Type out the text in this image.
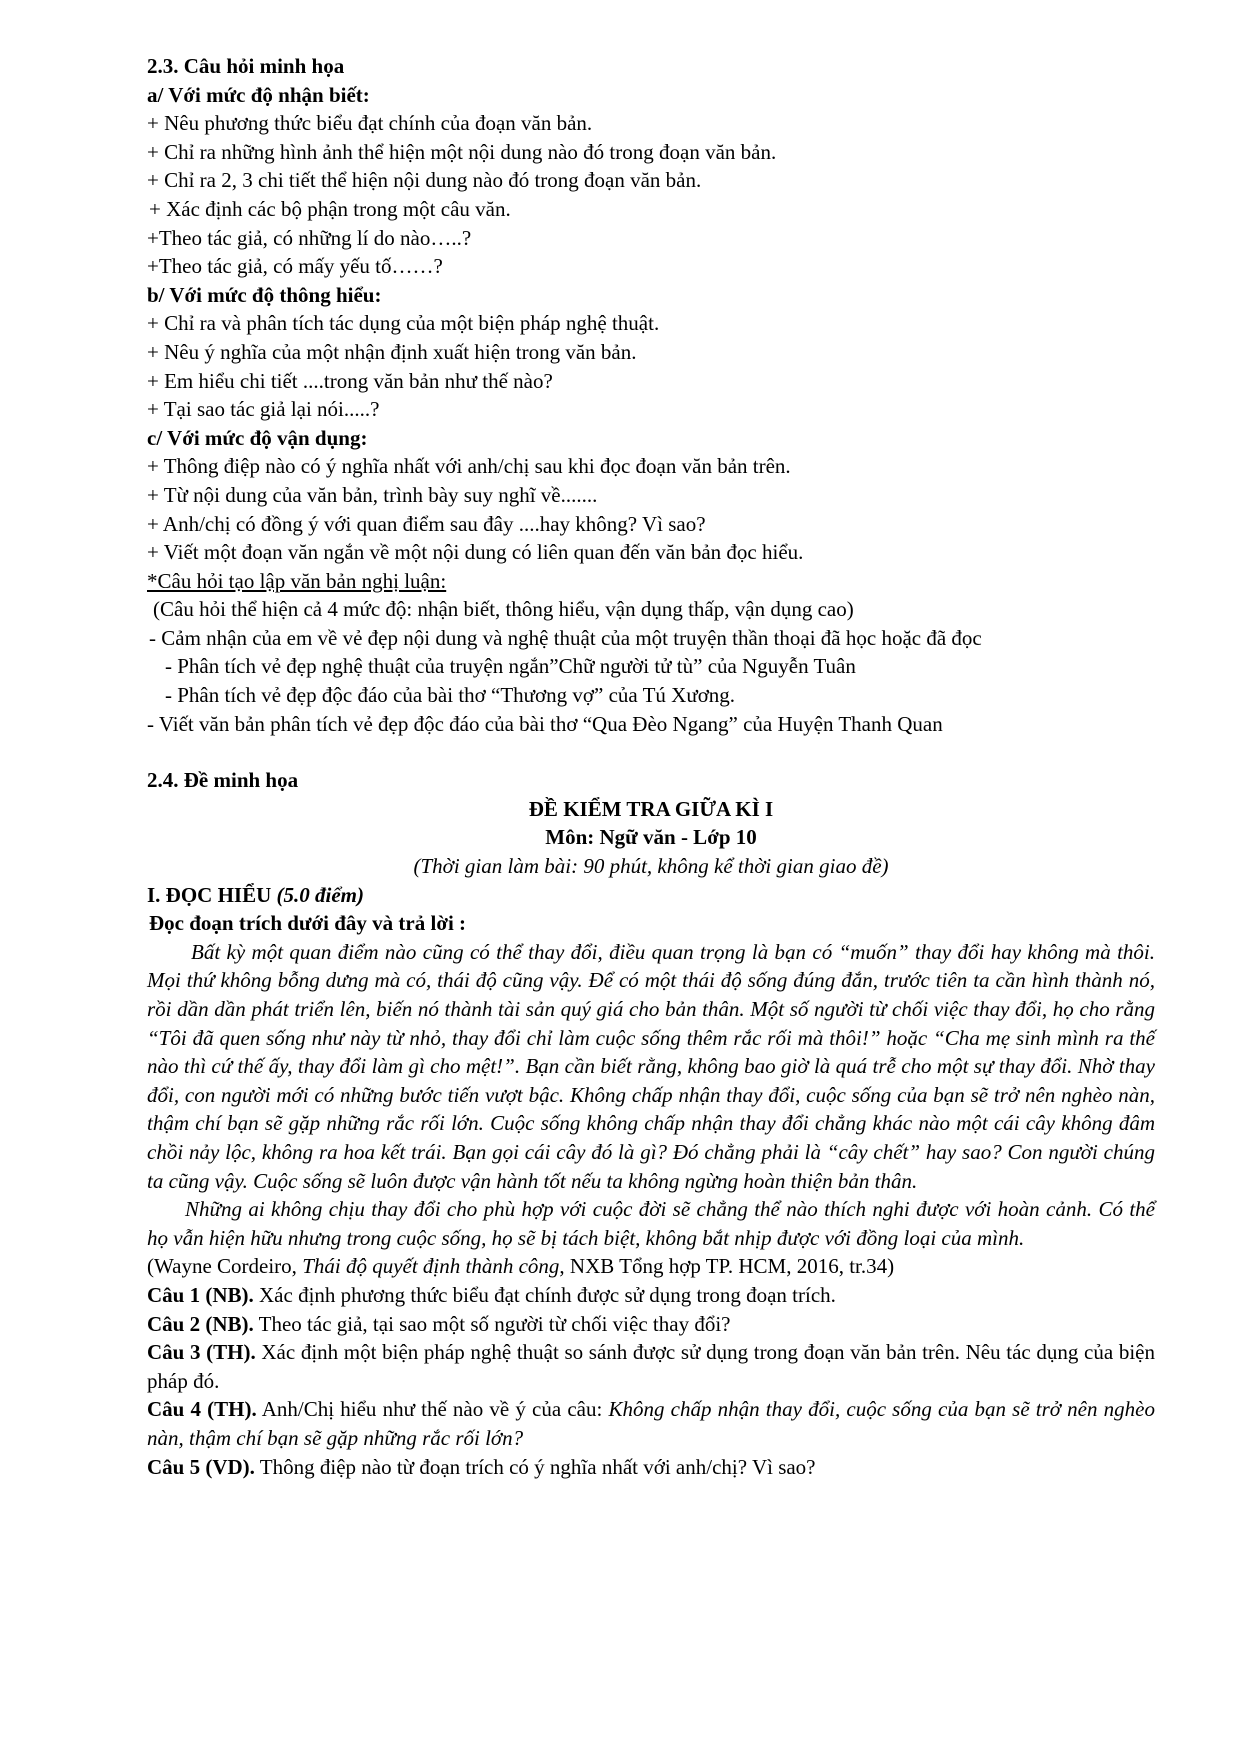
2.3. Câu hỏi minh họa
a/ Với mức độ nhận biết:
+ Nêu phương thức biểu đạt chính của đoạn văn bản.
+ Chỉ ra những hình ảnh thể hiện một nội dung nào đó trong đoạn văn bản.
+ Chỉ ra 2, 3 chi tiết thể hiện nội dung nào đó trong đoạn văn bản.
+ Xác định các bộ phận trong một câu văn.
+Theo tác giả, có những lí do nào…..?
+Theo tác giả, có mấy yếu tố……?
b/ Với mức độ thông hiểu:
+ Chỉ ra và phân tích tác dụng của một biện pháp nghệ thuật.
+ Nêu ý nghĩa của một nhận định xuất hiện trong văn bản.
+ Em hiểu chi tiết ....trong văn bản như thế nào?
+ Tại sao tác giả lại nói.....?
c/ Với mức độ vận dụng:
+ Thông điệp nào có ý nghĩa nhất với anh/chị sau khi đọc đoạn văn bản trên.
+ Từ nội dung của văn bản, trình bày suy nghĩ về.......
+ Anh/chị có đồng ý với quan điểm sau đây ....hay không? Vì sao?
+ Viết một đoạn văn ngắn về một nội dung có liên quan đến văn bản đọc hiểu.
*Câu hỏi tạo lập văn bản nghị luận:
(Câu hỏi thể hiện cả 4 mức độ: nhận biết, thông hiểu, vận dụng thấp, vận dụng cao)
- Cảm nhận của em về vẻ đẹp nội dung và nghệ thuật của một truyện thần thoại đã học hoặc đã đọc
- Phân tích vẻ đẹp nghệ thuật của truyện ngắn”Chữ người tử tù” của Nguyễn Tuân
- Phân tích vẻ đẹp độc đáo của bài thơ “Thương vợ” của Tú Xương.
- Viết văn bản phân tích vẻ đẹp độc đáo của bài thơ “Qua Đèo Ngang” của Huyện Thanh Quan
2.4. Đề minh họa
ĐỀ KIỂM TRA GIỮA KÌ I
Môn: Ngữ văn - Lớp 10
(Thời gian làm bài: 90 phút, không kể thời gian giao đề)
I. ĐỌC HIỂU (5.0 điểm)
Đọc đoạn trích dưới đây và trả lời :

Bất kỳ một quan điểm nào cũng có thể thay đổi, điều quan trọng là bạn có “muốn” thay đổi hay không mà thôi. Mọi thứ không bỗng dưng mà có, thái độ cũng vậy. Để có một thái độ sống đúng đắn, trước tiên ta cần hình thành nó, rồi dần dần phát triển lên, biến nó thành tài sản quý giá cho bản thân. Một số người từ chối việc thay đổi, họ cho rằng “Tôi đã quen sống như này từ nhỏ, thay đổi chỉ làm cuộc sống thêm rắc rối mà thôi!” hoặc “Cha mẹ sinh mình ra thế nào thì cứ thế ấy, thay đổi làm gì cho mệt!”. Bạn cần biết rằng, không bao giờ là quá trễ cho một sự thay đổi. Nhờ thay đổi, con người mới có những bước tiến vượt bậc. Không chấp nhận thay đổi, cuộc sống của bạn sẽ trở nên nghèo nàn, thậm chí bạn sẽ gặp những rắc rối lớn. Cuộc sống không chấp nhận thay đổi chẳng khác nào một cái cây không đâm chồi nảy lộc, không ra hoa kết trái. Bạn gọi cái cây đó là gì? Đó chẳng phải là “cây chết” hay sao? Con người chúng ta cũng vậy. Cuộc sống sẽ luôn được vận hành tốt nếu ta không ngừng hoàn thiện bản thân.

Những ai không chịu thay đổi cho phù hợp với cuộc đời sẽ chẳng thể nào thích nghi được với hoàn cảnh. Có thể họ vẫn hiện hữu nhưng trong cuộc sống, họ sẽ bị tách biệt, không bắt nhịp được với đồng loại của mình.

(Wayne Cordeiro, Thái độ quyết định thành công, NXB Tổng hợp TP. HCM, 2016, tr.34)

Câu 1 (NB). Xác định phương thức biểu đạt chính được sử dụng trong đoạn trích.

Câu 2 (NB). Theo tác giả, tại sao một số người từ chối việc thay đổi?

Câu 3 (TH). Xác định một biện pháp nghệ thuật so sánh được sử dụng trong đoạn văn bản trên. Nêu tác dụng của biện pháp đó.

Câu 4 (TH). Anh/Chị hiểu như thế nào về ý của câu: Không chấp nhận thay đổi, cuộc sống của bạn sẽ trở nên nghèo nàn, thậm chí bạn sẽ gặp những rắc rối lớn?

Câu 5 (VD). Thông điệp nào từ đoạn trích có ý nghĩa nhất với anh/chị? Vì sao?
